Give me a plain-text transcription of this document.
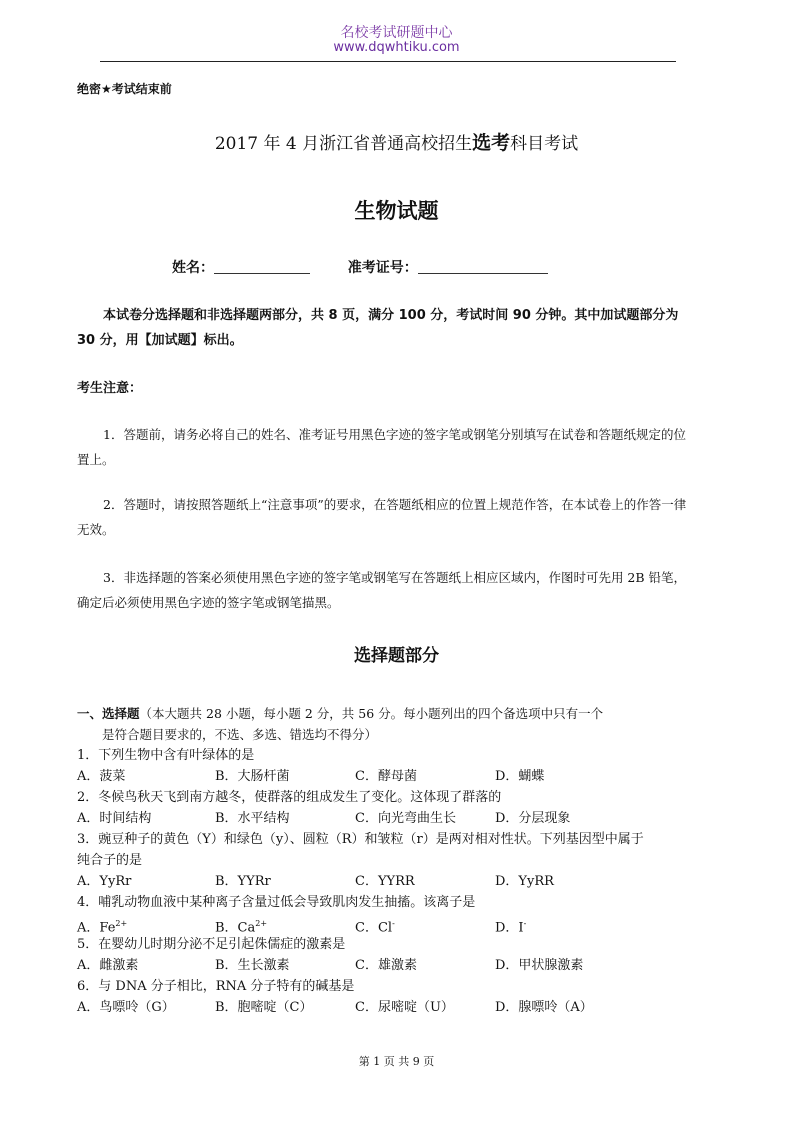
名校考试研题中心
www.dqwhtiku.com
绝密★考试结束前
2017 年 4 月浙江省普通高校招生选考科目考试
生物试题
姓名：	准考证号：
本试卷分选择题和非选择题两部分，共 8 页，满分 100 分，考试时间 90 分钟。其中加试题部分为 30 分，用【加试题】标出。
考生注意：
1．答题前，请务必将自己的姓名、准考证号用黑色字迹的签字笔或钢笔分别填写在试卷和答题纸规定的位置上。
2．答题时，请按照答题纸上“注意事项”的要求，在答题纸相应的位置上规范作答，在本试卷上的作答一律无效。
3．非选择题的答案必须使用黑色字迹的签字笔或钢笔写在答题纸上相应区域内，作图时可先用 2B 铅笔，确定后必须使用黑色字迹的签字笔或钢笔描黑。
选择题部分
一、选择题（本大题共 28 小题，每小题 2 分，共 56 分。每小题列出的四个备选项中只有一个
是符合题目要求的，不选、多选、错选均不得分）
1．下列生物中含有叶绿体的是
A．菠菜	B．大肠杆菌	C．酵母菌	D．蝴蝶
2．冬候鸟秋天飞到南方越冬，使群落的组成发生了变化。这体现了群落的
A．时间结构	B．水平结构	C．向光弯曲生长	D．分层现象
3．豌豆种子的黄色（Y）和绿色（y）、圆粒（R）和皱粒（r）是两对相对性状。下列基因型中属于
纯合子的是
A．YyRr	B．YYRr	C．YYRR	D．YyRR
4．哺乳动物血液中某种离子含量过低会导致肌肉发生抽搐。该离子是
A．$Fe^{2+}$	B．$Ca^{2+}$	C．Cl-	D．I-
5．在婴幼儿时期分泌不足引起侏儒症的激素是
A．雌激素	B．生长激素	C．雄激素	D．甲状腺激素
6．与 DNA 分子相比，RNA 分子特有的碱基是
A．鸟嘌呤（G）	B．胞嘧啶（C）	C．尿嘧啶（U）	D．腺嘌呤（A）
第 1 页 共 9 页
